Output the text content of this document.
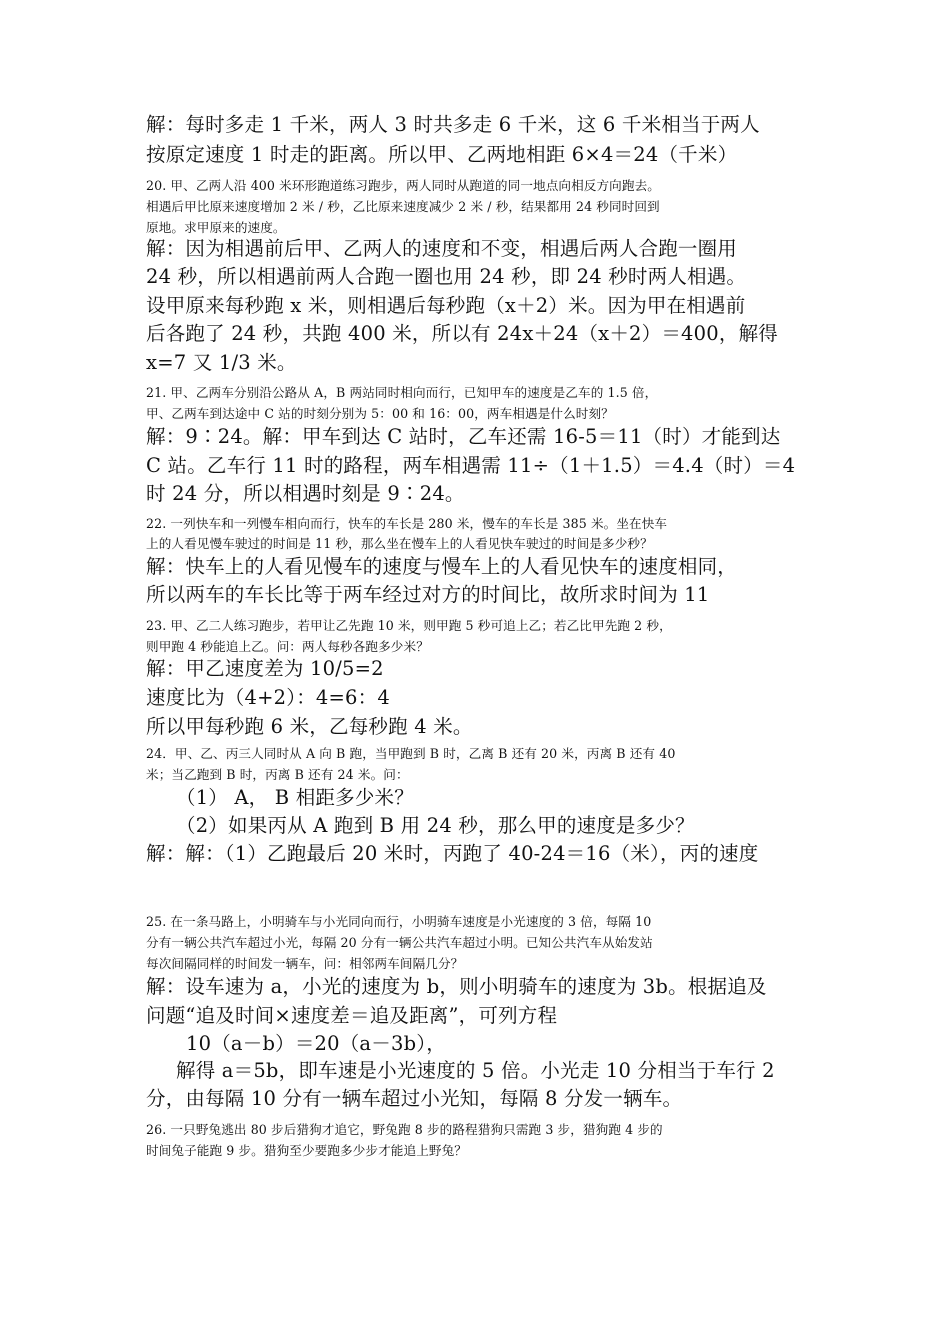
解：每时多走 1 千米，两人 3 时共多走 6 千米，这 6 千米相当于两人
按原定速度 1 时走的距离。所以甲、乙两地相距 6×4＝24（千米）
20. 甲、乙两人沿 400 米环形跑道练习跑步，两人同时从跑道的同一地点向相反方向跑去。
相遇后甲比原来速度增加 2 米 / 秒，乙比原来速度减少 2 米 / 秒，结果都用 24 秒同时回到
原地。求甲原来的速度。
解：因为相遇前后甲、乙两人的速度和不变，相遇后两人合跑一圈用
24 秒，所以相遇前两人合跑一圈也用 24 秒，即 24 秒时两人相遇。
设甲原来每秒跑 x 米，则相遇后每秒跑（x＋2）米。因为甲在相遇前
后各跑了 24 秒，共跑 400 米，所以有 24x＋24（x＋2）＝400，解得
x=7 又 1/3 米。
21. 甲、乙两车分别沿公路从 A，B 两站同时相向而行，已知甲车的速度是乙车的 1.5 倍，
甲、乙两车到达途中 C 站的时刻分别为 5：00 和 16：00，两车相遇是什么时刻？
解：9∶24。解：甲车到达 C 站时，乙车还需 16-5＝11（时）才能到达
C 站。乙车行 11 时的路程，两车相遇需 11÷（1＋1.5）＝4.4（时）＝4
时 24 分，所以相遇时刻是 9∶24。
22. 一列快车和一列慢车相向而行，快车的车长是 280 米，慢车的车长是 385 米。坐在快车
上的人看见慢车驶过的时间是 11 秒，那么坐在慢车上的人看见快车驶过的时间是多少秒？
解：快车上的人看见慢车的速度与慢车上的人看见快车的速度相同，
所以两车的车长比等于两车经过对方的时间比，故所求时间为 11
23. 甲、乙二人练习跑步，若甲让乙先跑 10 米，则甲跑 5 秒可追上乙；若乙比甲先跑 2 秒，
则甲跑 4 秒能追上乙。问：两人每秒各跑多少米？
解：甲乙速度差为 10/5=2
速度比为（4+2）：4=6：4
所以甲每秒跑 6 米，乙每秒跑 4 米。
24．甲、乙、丙三人同时从 A 向 B 跑，当甲跑到 B 时，乙离 B 还有 20 米，丙离 B 还有 40
米；当乙跑到 B 时，丙离 B 还有 24 米。问：
（1） A， B 相距多少米？
（2）如果丙从 A 跑到 B 用 24 秒，那么甲的速度是多少？
解：解：（1）乙跑最后 20 米时，丙跑了 40-24＝16（米），丙的速度
25. 在一条马路上，小明骑车与小光同向而行，小明骑车速度是小光速度的 3 倍，每隔 10
分有一辆公共汽车超过小光，每隔 20 分有一辆公共汽车超过小明。已知公共汽车从始发站
每次间隔同样的时间发一辆车，问：相邻两车间隔几分？
解：设车速为 a，小光的速度为 b，则小明骑车的速度为 3b。根据追及
问题“追及时间×速度差＝追及距离”，可列方程
10（a－b）＝20（a－3b），
解得 a＝5b，即车速是小光速度的 5 倍。小光走 10 分相当于车行 2
分，由每隔 10 分有一辆车超过小光知，每隔 8 分发一辆车。
26. 一只野兔逃出 80 步后猎狗才追它，野兔跑 8 步的路程猎狗只需跑 3 步，猎狗跑 4 步的
时间兔子能跑 9 步。猎狗至少要跑多少步才能追上野兔？
